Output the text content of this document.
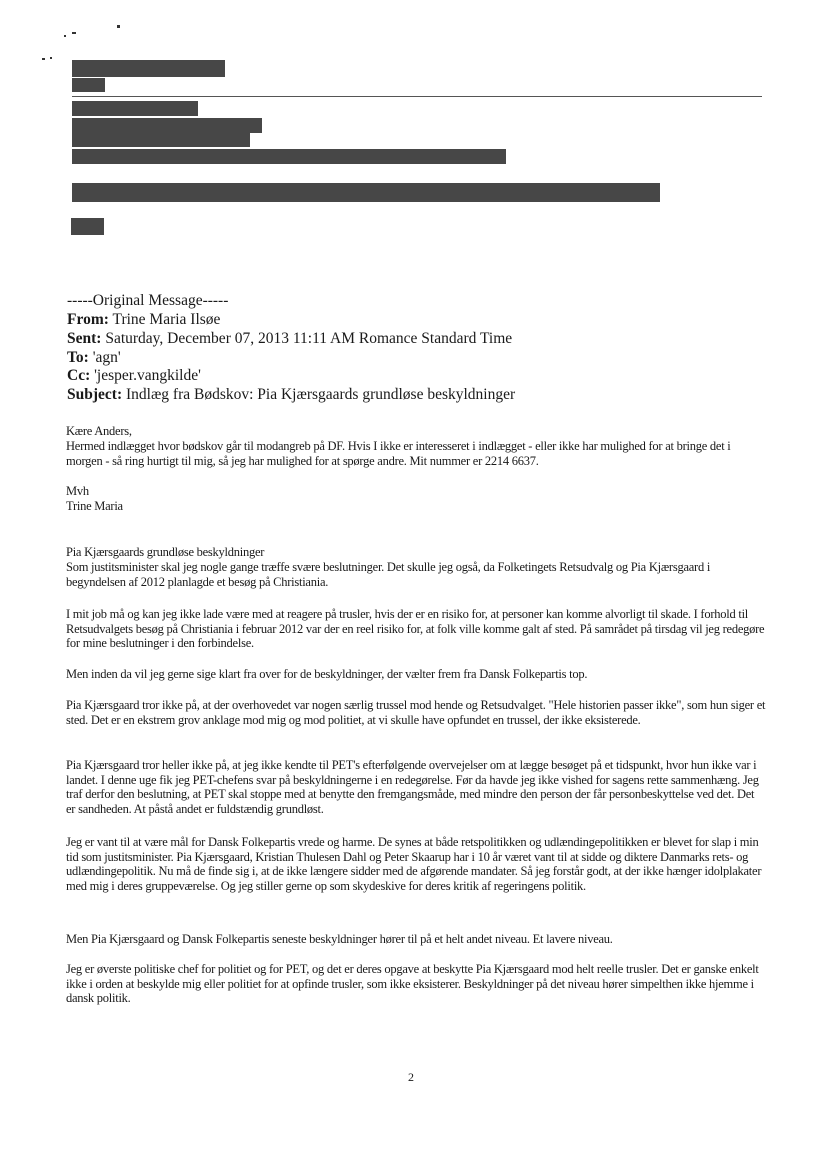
-----Original Message-----

From: Trine Maria Ilsøe

Sent: Saturday, December 07, 2013 11:11 AM Romance Standard Time

To: 'agn'

Cc: 'jesper.vangkilde'

Subject: Indlæg fra Bødskov: Pia Kjærsgaards grundløse beskyldninger

Kære Anders,

Hermed indlægget hvor bødskov går til modangreb på DF. Hvis I ikke er interesseret i indlægget - eller ikke har mulighed for at bringe det i morgen - så ring hurtigt til mig, så jeg har mulighed for at spørge andre. Mit nummer er 2214 6637.

Mvh

Trine Maria

Pia Kjærsgaards grundløse beskyldninger

Som justitsminister skal jeg nogle gange træffe svære beslutninger. Det skulle jeg også, da Folketingets Retsudvalg og Pia Kjærsgaard i begyndelsen af 2012 planlagde et besøg på Christiania.

I mit job må og kan jeg ikke lade være med at reagere på trusler, hvis der er en risiko for, at personer kan komme alvorligt til skade. I forhold til Retsudvalgets besøg på Christiania i februar 2012 var der en reel risiko for, at folk ville komme galt af sted. På samrådet på tirsdag vil jeg redegøre for mine beslutninger i den forbindelse.

Men inden da vil jeg gerne sige klart fra over for de beskyldninger, der vælter frem fra Dansk Folkepartis top.

Pia Kjærsgaard tror ikke på, at der overhovedet var nogen særlig trussel mod hende og Retsudvalget. "Hele historien passer ikke", som hun siger et sted. Det er en ekstrem grov anklage mod mig og mod politiet, at vi skulle have opfundet en trussel, der ikke eksisterede.

Pia Kjærsgaard tror heller ikke på, at jeg ikke kendte til PET's efterfølgende overvejelser om at lægge besøget på et tidspunkt, hvor hun ikke var i landet. I denne uge fik jeg PET-chefens svar på beskyldningerne i en redegørelse. Før da havde jeg ikke vished for sagens rette sammenhæng. Jeg traf derfor den beslutning, at PET skal stoppe med at benytte den fremgangsmåde, med mindre den person der får personbeskyttelse ved det. Det er sandheden. At påstå andet er fuldstændig grundløst.

Jeg er vant til at være mål for Dansk Folkepartis vrede og harme. De synes at både retspolitikken og udlændingepolitikken er blevet for slap i min tid som justitsminister. Pia Kjærsgaard, Kristian Thulesen Dahl og Peter Skaarup har i 10 år været vant til at sidde og diktere Danmarks rets- og udlændingepolitik. Nu må de finde sig i, at de ikke længere sidder med de afgørende mandater. Så jeg forstår godt, at der ikke hænger idolplakater med mig i deres gruppeværelse. Og jeg stiller gerne op som skydeskive for deres kritik af regeringens politik.

Men Pia Kjærsgaard og Dansk Folkepartis seneste beskyldninger hører til på et helt andet niveau. Et lavere niveau.

Jeg er øverste politiske chef for politiet og for PET, og det er deres opgave at beskytte Pia Kjærsgaard mod helt reelle trusler. Det er ganske enkelt ikke i orden at beskylde mig eller politiet for at opfinde trusler, som ikke eksisterer. Beskyldninger på det niveau hører simpelthen ikke hjemme i dansk politik.

2
